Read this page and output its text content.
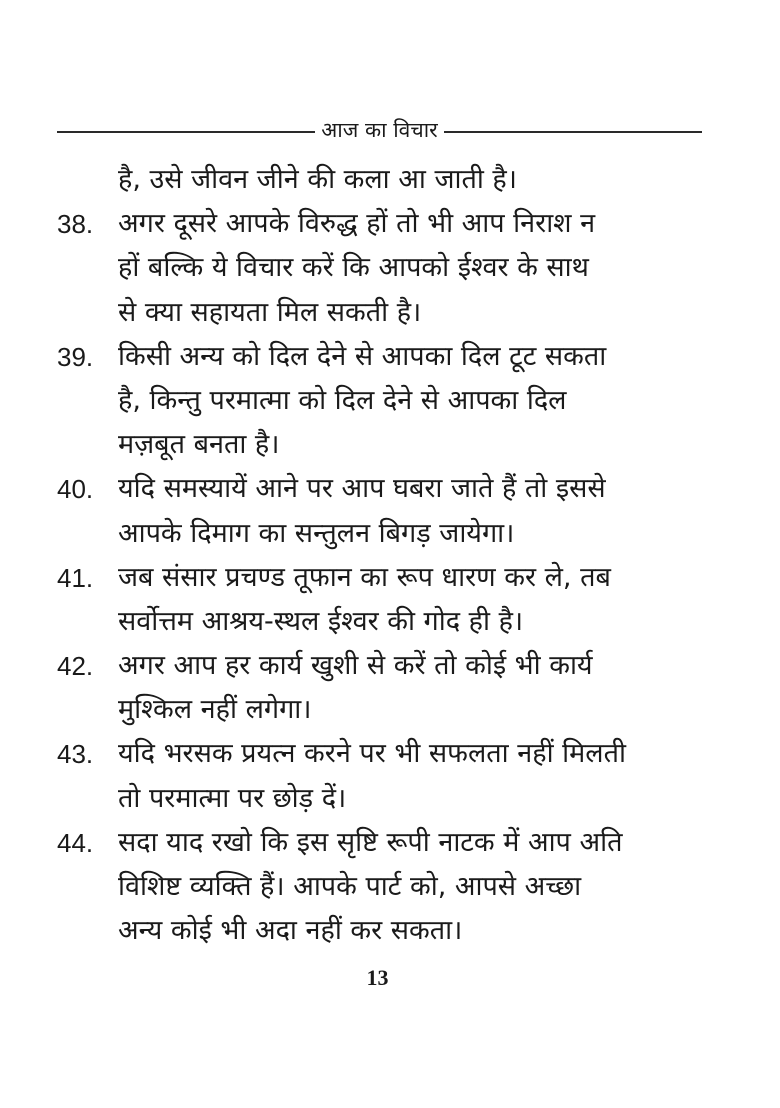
आज का विचार
है, उसे जीवन जीने की कला आ जाती है।
38. अगर दूसरे आपके विरुद्ध हों तो भी आप निराश न
हों बल्कि ये विचार करें कि आपको ईश्वर के साथ
से क्या सहायता मिल सकती है।
39. किसी अन्य को दिल देने से आपका दिल टूट सकता
है, किन्तु परमात्मा को दिल देने से आपका दिल
मज़बूत बनता है।
40. यदि समस्यायें आने पर आप घबरा जाते हैं तो इससे
आपके दिमाग का सन्तुलन बिगड़ जायेगा।
41. जब संसार प्रचण्ड तूफान का रूप धारण कर ले, तब
सर्वोत्तम आश्रय-स्थल ईश्वर की गोद ही है।
42. अगर आप हर कार्य खुशी से करें तो कोई भी कार्य
मुश्किल नहीं लगेगा।
43. यदि भरसक प्रयत्न करने पर भी सफलता नहीं मिलती
तो परमात्मा पर छोड़ दें।
44. सदा याद रखो कि इस सृष्टि रूपी नाटक में आप अति
विशिष्ट व्यक्ति हैं। आपके पार्ट को, आपसे अच्छा
अन्य कोई भी अदा नहीं कर सकता।
13
